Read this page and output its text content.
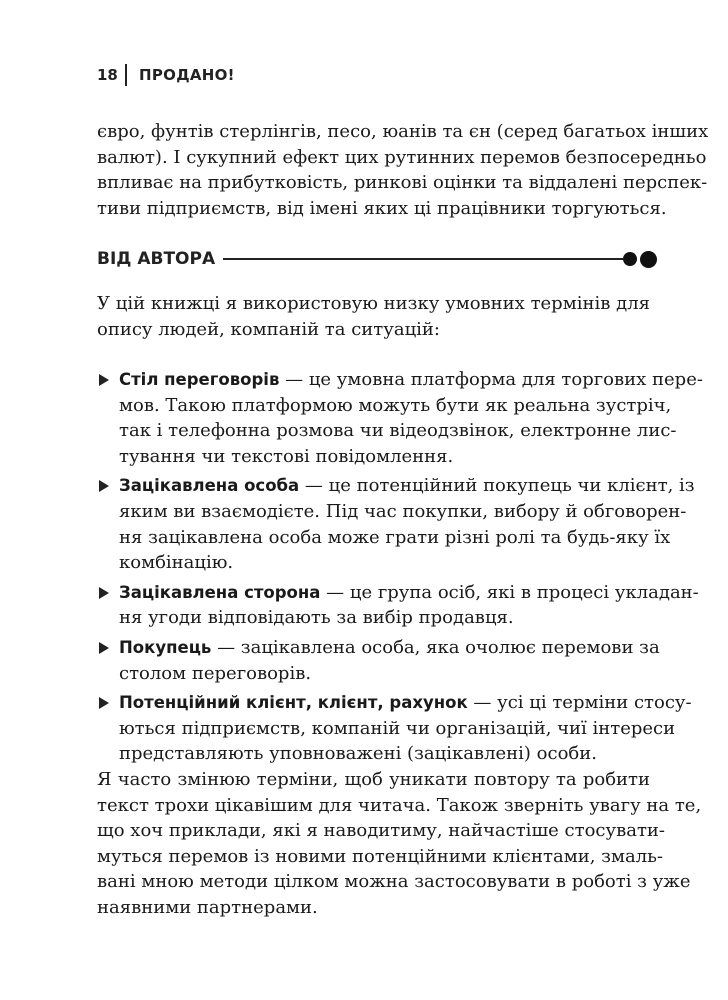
18	ПРОДАНО!
євро, фунтів стерлінгів, песо, юанів та єн (серед багатьох інших
валют). І сукупний ефект цих рутинних перемов безпосередньо
впливає на прибутковість, ринкові оцінки та віддалені перспек-
тиви підприємств, від імені яких ці працівники торгуються.
ВІД АВТОРА
У цій книжці я використовую низку умовних термінів для
опису людей, компаній та ситуацій:
Стіл переговорів — це умовна платформа для торгових пере-
мов. Такою платформою можуть бути як реальна зустріч,
так і телефонна розмова чи відеодзвінок, електронне лис-
тування чи текстові повідомлення.
Зацікавлена особа — це потенційний покупець чи клієнт, із
яким ви взаємодієте. Під час покупки, вибору й обговорен-
ня зацікавлена особа може грати різні ролі та будь-яку їх
комбінацію.
Зацікавлена сторона — це група осіб, які в процесі укладан-
ня угоди відповідають за вибір продавця.
Покупець — зацікавлена особа, яка очолює перемови за
столом переговорів.
Потенційний клієнт, клієнт, рахунок — усі ці терміни стосу-
ються підприємств, компаній чи організацій, чиї інтереси
представляють уповноважені (зацікавлені) особи.
Я часто змінюю терміни, щоб уникати повтору та робити
текст трохи цікавішим для читача. Також зверніть увагу на те,
що хоч приклади, які я наводитиму, найчастіше стосувати-
муться перемов із новими потенційними клієнтами, змаль-
вані мною методи цілком можна застосовувати в роботі з уже
наявними партнерами.
